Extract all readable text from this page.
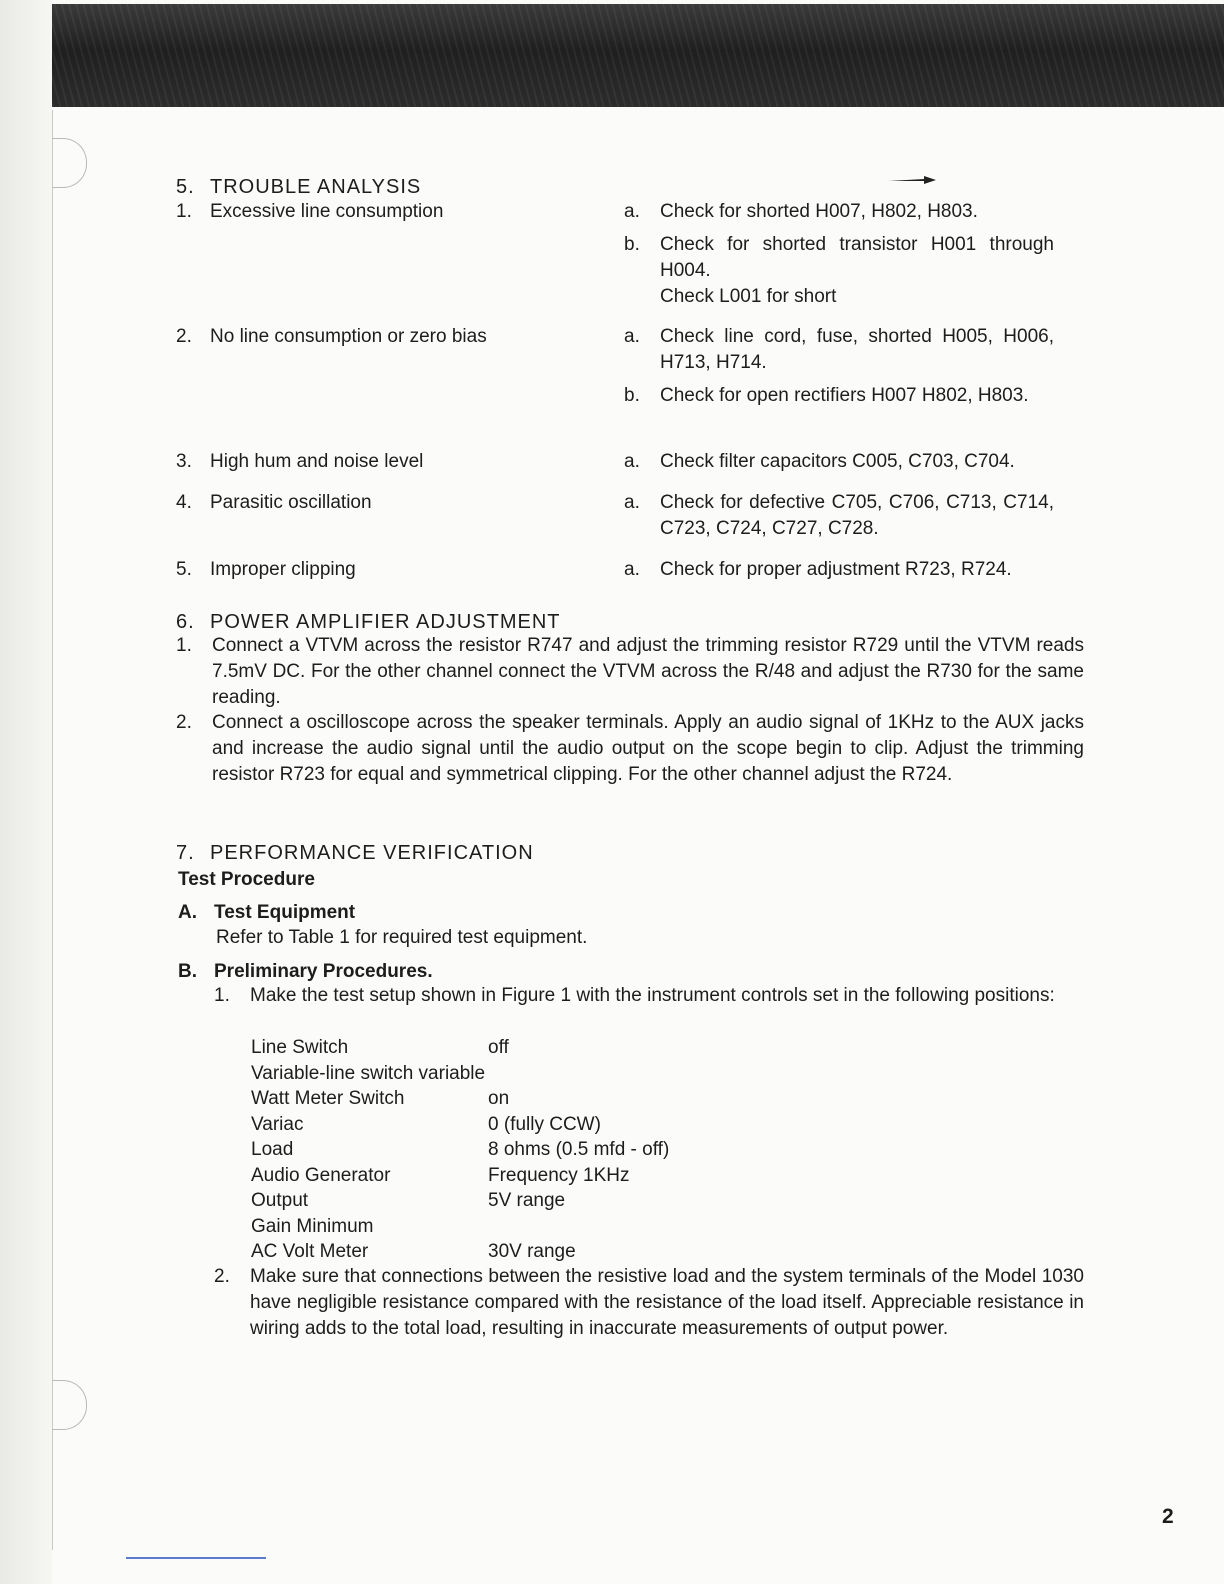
5. TROUBLE ANALYSIS
1. Excessive line consumption	a. Check for shorted H007, H802, H803.
b. Check for shorted transistor H001 through H004.
Check L001 for short
2. No line consumption or zero bias	a. Check line cord, fuse, shorted H005, H006, H713, H714.
b. Check for open rectifiers H007 H802, H803.
3. High hum and noise level	a. Check filter capacitors C005, C703, C704.
4. Parasitic oscillation	a. Check for defective C705, C706, C713, C714, C723, C724, C727, C728.
5. Improper clipping	a. Check for proper adjustment R723, R724.
6. POWER AMPLIFIER ADJUSTMENT
1. Connect a VTVM across the resistor R747 and adjust the trimming resistor R729 until the VTVM reads 7.5mV DC. For the other channel connect the VTVM across the R/48 and adjust the R730 for the same reading.
2. Connect a oscilloscope across the speaker terminals. Apply an audio signal of 1KHz to the AUX jacks and increase the audio signal until the audio output on the scope begin to clip. Adjust the trimming resistor R723 for equal and symmetrical clipping. For the other channel adjust the R724.
7. PERFORMANCE VERIFICATION
Test Procedure
A. Test Equipment
Refer to Table 1 for required test equipment.
B. Preliminary Procedures.
1. Make the test setup shown in Figure 1 with the instrument controls set in the following positions:
Line Switch	off
Variable-line switch variable
Watt Meter Switch	on
Variac	0 (fully CCW)
Load	8 ohms (0.5 mfd - off)
Audio Generator	Frequency 1KHz
Output	5V range
Gain Minimum
AC Volt Meter	30V range
2. Make sure that connections between the resistive load and the system terminals of the Model 1030 have negligible resistance compared with the resistance of the load itself. Appreciable resistance in wiring adds to the total load, resulting in inaccurate measurements of output power.
2
